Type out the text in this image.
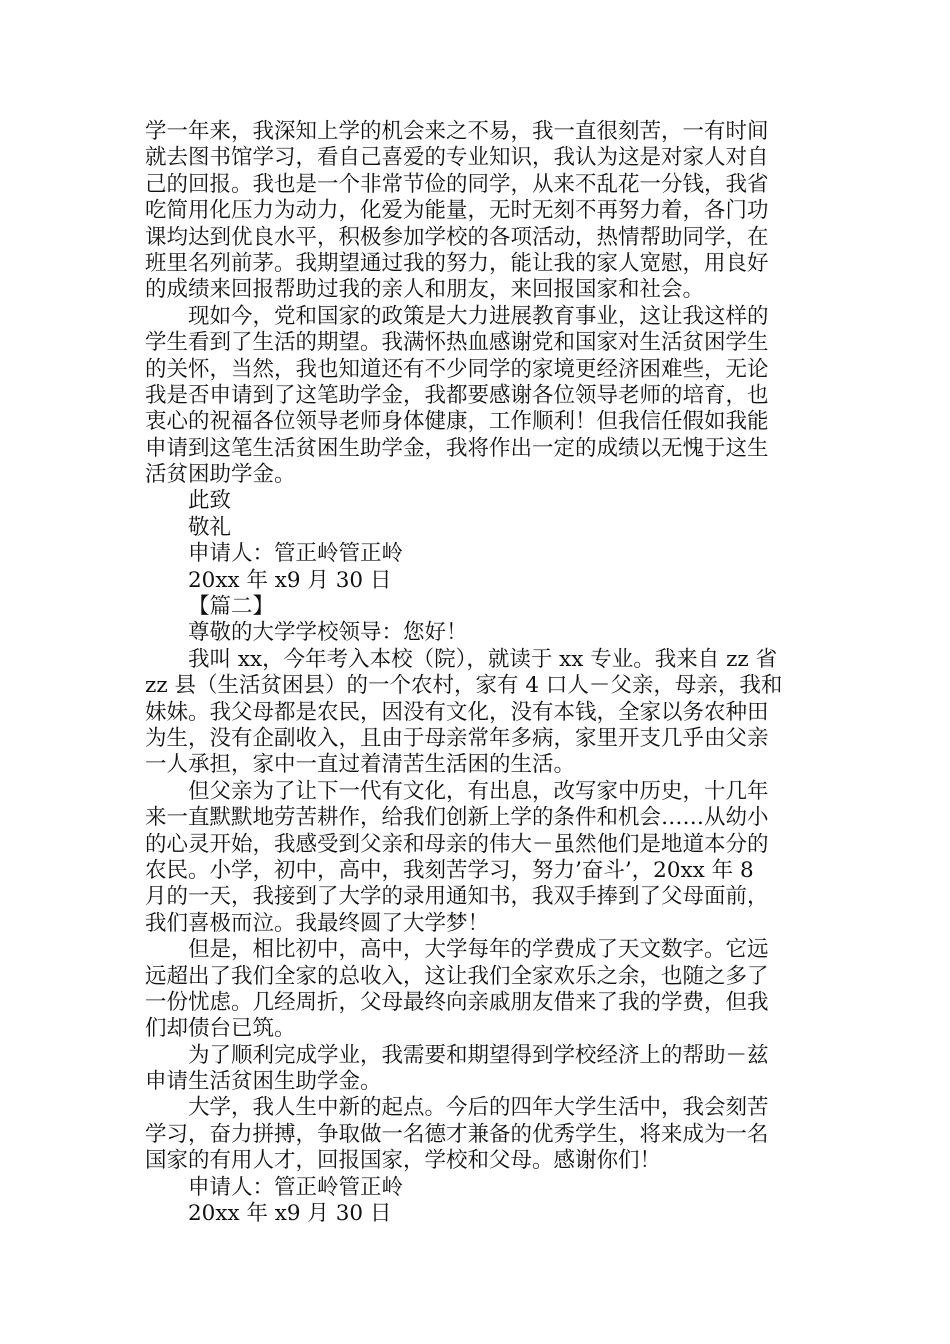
学一年来，我深知上学的机会来之不易，我一直很刻苦，一有时间
就去图书馆学习，看自己喜爱的专业知识，我认为这是对家人对自
己的回报。我也是一个非常节俭的同学，从来不乱花一分钱，我省
吃简用化压力为动力，化爱为能量，无时无刻不再努力着，各门功
课均达到优良水平，积极参加学校的各项活动，热情帮助同学，在
班里名列前茅。我期望通过我的努力，能让我的家人宽慰，用良好
的成绩来回报帮助过我的亲人和朋友，来回报国家和社会。
现如今，党和国家的政策是大力进展教育事业，这让我这样的
学生看到了生活的期望。我满怀热血感谢党和国家对生活贫困学生
的关怀，当然，我也知道还有不少同学的家境更经济困难些，无论
我是否申请到了这笔助学金，我都要感谢各位领导老师的培育，也
衷心的祝福各位领导老师身体健康，工作顺利！但我信任假如我能
申请到这笔生活贫困生助学金，我将作出一定的成绩以无愧于这生
活贫困助学金。
此致
敬礼
申请人：管正岭管正岭
20xx 年 x9 月 30 日
【篇二】
尊敬的大学学校领导：您好！
我叫 xx，今年考入本校（院），就读于 xx 专业。我来自 zz 省
zz 县（生活贫困县）的一个农村，家有 4 口人－父亲，母亲，我和
妹妹。我父母都是农民，因没有文化，没有本钱，全家以务农种田
为生，没有企副收入，且由于母亲常年多病，家里开支几乎由父亲
一人承担，家中一直过着清苦生活困的生活。
但父亲为了让下一代有文化，有出息，改写家中历史，十几年
来一直默默地劳苦耕作，给我们创新上学的条件和机会……从幼小
的心灵开始，我感受到父亲和母亲的伟大－虽然他们是地道本分的
农民。小学，初中，高中，我刻苦学习，努力’奋斗’，20xx 年 8
月的一天，我接到了大学的录用通知书，我双手捧到了父母面前，
我们喜极而泣。我最终圆了大学梦！
但是，相比初中，高中，大学每年的学费成了天文数字。它远
远超出了我们全家的总收入，这让我们全家欢乐之余，也随之多了
一份忧虑。几经周折，父母最终向亲戚朋友借来了我的学费，但我
们却债台已筑。
为了顺利完成学业，我需要和期望得到学校经济上的帮助－兹
申请生活贫困生助学金。
大学，我人生中新的起点。今后的四年大学生活中，我会刻苦
学习，奋力拼搏，争取做一名德才兼备的优秀学生，将来成为一名
国家的有用人才，回报国家，学校和父母。感谢你们！
申请人：管正岭管正岭
20xx 年 x9 月 30 日
